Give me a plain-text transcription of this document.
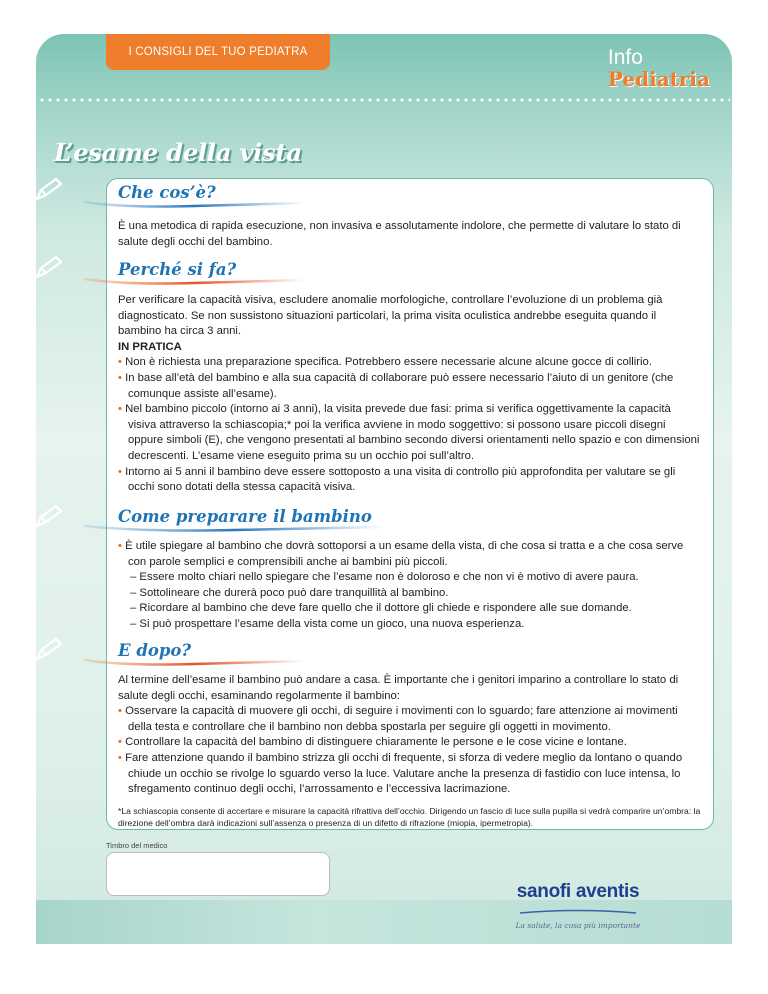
I CONSIGLI DEL TUO PEDIATRA	Info
Pediatria
L’esame della vista
Che cos’è?

È una metodica di rapida esecuzione, non invasiva e assolutamente indolore, che permette di valutare lo stato di salute degli occhi del bambino.

Perché si fa?

Per verificare la capacità visiva, escludere anomalie morfologiche, controllare l’evoluzione di un problema già diagnosticato. Se non sussistono situazioni particolari, la prima visita oculistica andrebbe eseguita quando il bambino ha circa 3 anni.

IN PRATICA

• Non è richiesta una preparazione specifica. Potrebbero essere necessarie alcune alcune gocce di collirio.

• In base all’età del bambino e alla sua capacità di collaborare può essere necessario l’aiuto di un genitore (che comunque assiste all’esame).

• Nel bambino piccolo (intorno ai 3 anni), la visita prevede due fasi: prima si verifica oggettivamente la capacità visiva attraverso la schiascopia;* poi la verifica avviene in modo soggettivo: si possono usare piccoli disegni oppure simboli (E), che vengono presentati al bambino secondo diversi orientamenti nello spazio e con dimensioni decrescenti. L’esame viene eseguito prima su un occhio poi sull’altro.

• Intorno ai 5 anni il bambino deve essere sottoposto a una visita di controllo più approfondita per valutare se gli occhi sono dotati della stessa capacità visiva.

Come preparare il bambino

• È utile spiegare al bambino che dovrà sottoporsi a un esame della vista, di che cosa si tratta e a che cosa serve con parole semplici e comprensibili anche ai bambini più piccoli.

– Essere molto chiari nello spiegare che l’esame non è doloroso e che non vi è motivo di avere paura.

– Sottolineare che durerà poco può dare tranquillità al bambino.

– Ricordare al bambino che deve fare quello che il dottore gli chiede e rispondere alle sue domande.

– Si può prospettare l’esame della vista come un gioco, una nuova esperienza.

E dopo?

Al termine dell’esame il bambino può andare a casa. È importante che i genitori imparino a controllare lo stato di salute degli occhi, esaminando regolarmente il bambino:

• Osservare la capacità di muovere gli occhi, di seguire i movimenti con lo sguardo; fare attenzione ai movimenti della testa e controllare che il bambino non debba spostarla per seguire gli oggetti in movimento.

• Controllare la capacità del bambino di distinguere chiaramente le persone e le cose vicine e lontane.

• Fare attenzione quando il bambino strizza gli occhi di frequente, si sforza di vedere meglio da lontano o quando chiude un occhio se rivolge lo sguardo verso la luce. Valutare anche la presenza di fastidio con luce intensa, lo sfregamento continuo degli occhi, l’arrossamento e l’eccessiva lacrimazione.

*La schiascopia consente di accertare e misurare la capacità rifrattiva dell’occhio. Dirigendo un fascio di luce sulla pupilla si vedrà comparire un’ombra: la direzione dell’ombra darà indicazioni sull’assenza o presenza di un difetto di rifrazione (miopia, ipermetropia).

Timbro del medico
sanofi aventis
La salute, la cosa più importante
